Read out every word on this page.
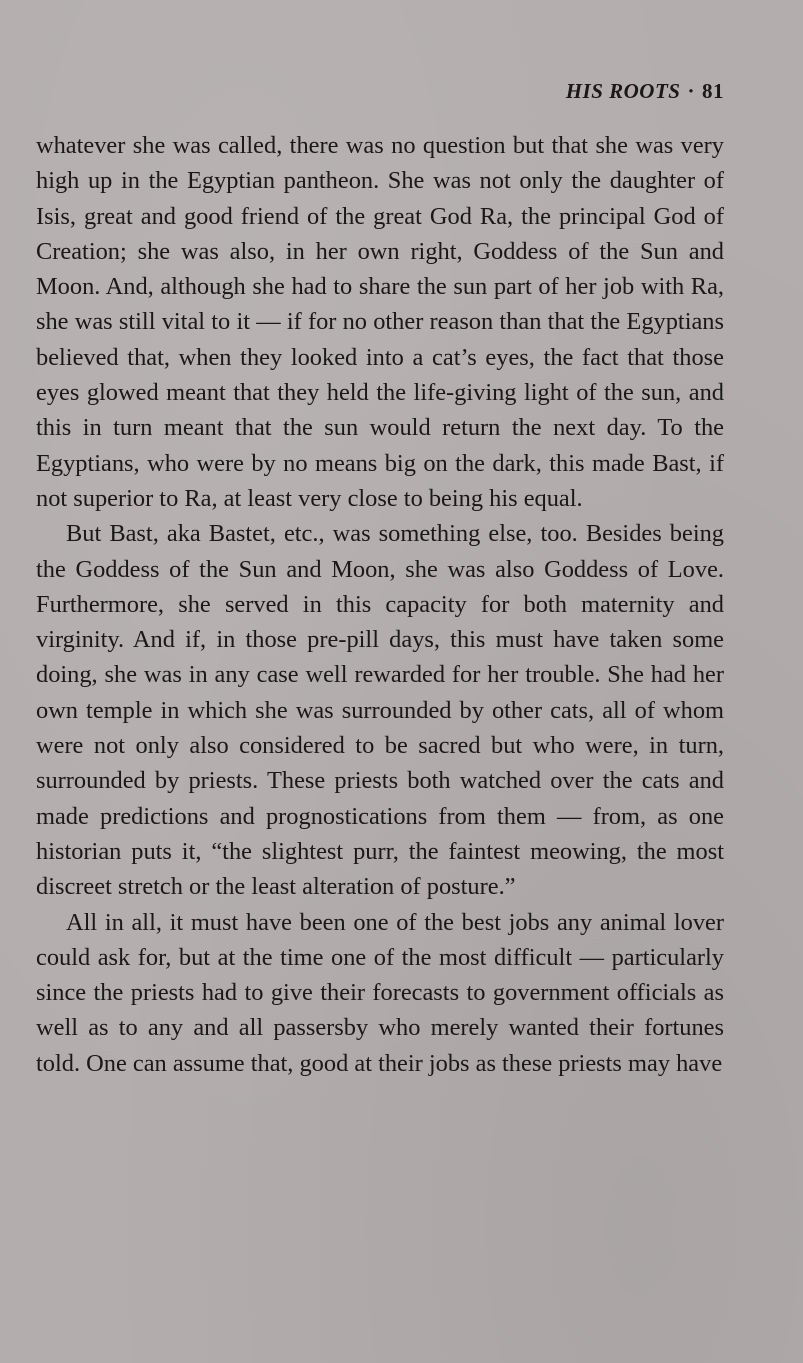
HIS ROOTS · 81

whatever she was called, there was no question but that she was very high up in the Egyptian pantheon. She was not only the daughter of Isis, great and good friend of the great God Ra, the principal God of Creation; she was also, in her own right, Goddess of the Sun and Moon. And, although she had to share the sun part of her job with Ra, she was still vital to it — if for no other reason than that the Egyptians believed that, when they looked into a cat’s eyes, the fact that those eyes glowed meant that they held the life-giving light of the sun, and this in turn meant that the sun would return the next day. To the Egyptians, who were by no means big on the dark, this made Bast, if not superior to Ra, at least very close to being his equal.

But Bast, aka Bastet, etc., was something else, too. Besides being the Goddess of the Sun and Moon, she was also Goddess of Love. Furthermore, she served in this capacity for both maternity and virginity. And if, in those pre-pill days, this must have taken some doing, she was in any case well rewarded for her trouble. She had her own temple in which she was surrounded by other cats, all of whom were not only also considered to be sacred but who were, in turn, surrounded by priests. These priests both watched over the cats and made predictions and prognostications from them — from, as one historian puts it, “the slightest purr, the faintest meowing, the most discreet stretch or the least alteration of posture.”

All in all, it must have been one of the best jobs any animal lover could ask for, but at the time one of the most difficult — particularly since the priests had to give their forecasts to government officials as well as to any and all passersby who merely wanted their fortunes told. One can assume that, good at their jobs as these priests may have
